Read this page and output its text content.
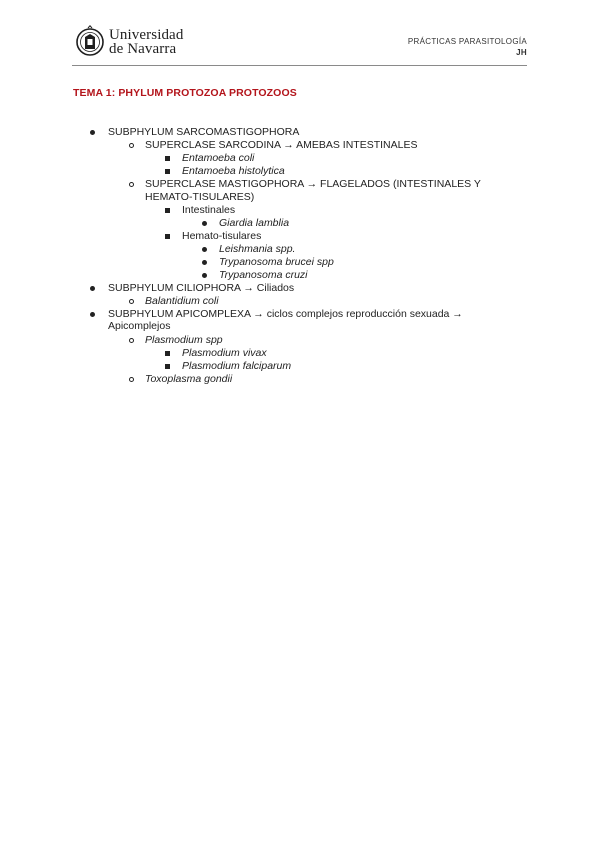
Universidad
de Navarra	PRÁCTICAS PARASITOLOGÍA
JH
TEMA 1: PHYLUM PROTOZOA PROTOZOOS
SUBPHYLUM SARCOMASTIGOPHORA
SUPERCLASE SARCODINA → AMEBAS INTESTINALES
Entamoeba coli
Entamoeba histolytica
SUPERCLASE MASTIGOPHORA → FLAGELADOS (INTESTINALES Y
HEMATO-TISULARES)
Intestinales
Giardia lamblia
Hemato-tisulares
Leishmania spp.
Trypanosoma brucei spp
Trypanosoma cruzi
SUBPHYLUM CILIOPHORA → Ciliados
Balantidium coli
SUBPHYLUM APICOMPLEXA → ciclos complejos reproducción sexuada →
Apicomplejos
Plasmodium spp
Plasmodium vivax
Plasmodium falciparum
Toxoplasma gondii
